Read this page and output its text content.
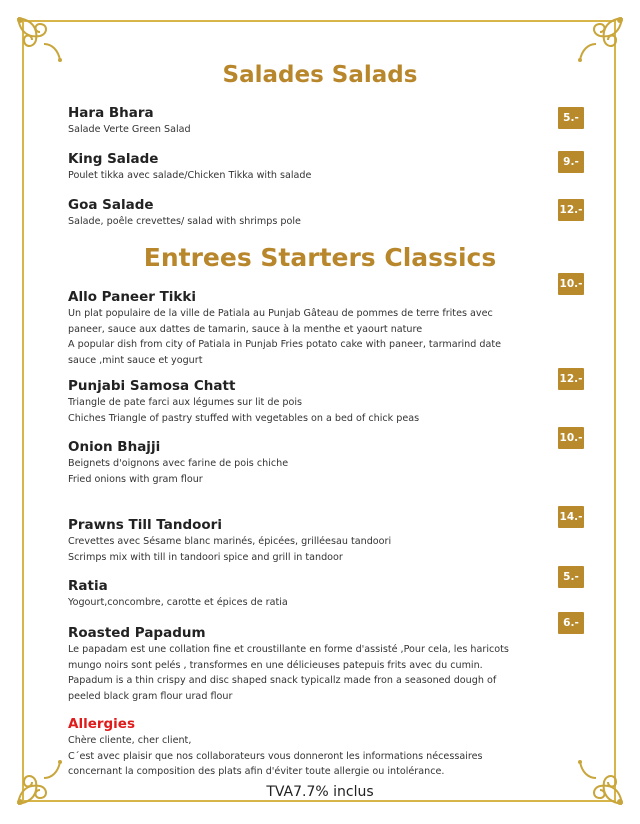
Salades Salads
Hara Bhara
Salade Verte Green Salad
5.-
King Salade
Poulet tikka avec salade/Chicken Tikka with salade
9.-
Goa Salade
Salade, poêle crevettes/ salad with shrimps pole
12.-
Entrees Starters Classics
10.-
Allo Paneer Tikki
Un plat populaire de la ville de Patiala au Punjab Gâteau de pommes de terre frites avec
paneer, sauce aux dattes de tamarin, sauce à la menthe et yaourt nature
A popular dish from city of Patiala in Punjab Fries potato cake with paneer, tarmarind date
sauce ,mint sauce et yogurt
12.-
Punjabi Samosa Chatt
Triangle de pate farci aux légumes sur lit de pois
Chiches Triangle of pastry stuffed with vegetables on a bed of chick peas
10.-
Onion Bhajji
Beignets d'oignons avec farine de pois chiche
Fried onions with gram flour
14.-
Prawns Till Tandoori
Crevettes avec Sésame blanc marinés, épicées, grilléesau tandoori
Scrimps mix with till in tandoori spice and grill in tandoor
5.-
Ratia
Yogourt,concombre, carotte et épices de ratia
6.-
Roasted Papadum
Le papadam est une collation fine et croustillante en forme d'assisté ,Pour cela, les haricots
mungo noirs sont pelés , transformes en une délicieuses patepuis frits avec du cumin.
Papadum is a thin crispy and disc shaped snack typicallz made fron a seasoned dough of
peeled black gram flour urad flour
Allergies
Chère cliente, cher client,
C´est avec plaisir que nos collaborateurs vous donneront les informations nécessaires
concernant la composition des plats afin d'éviter toute allergie ou intolérance.
TVA7.7% inclus
